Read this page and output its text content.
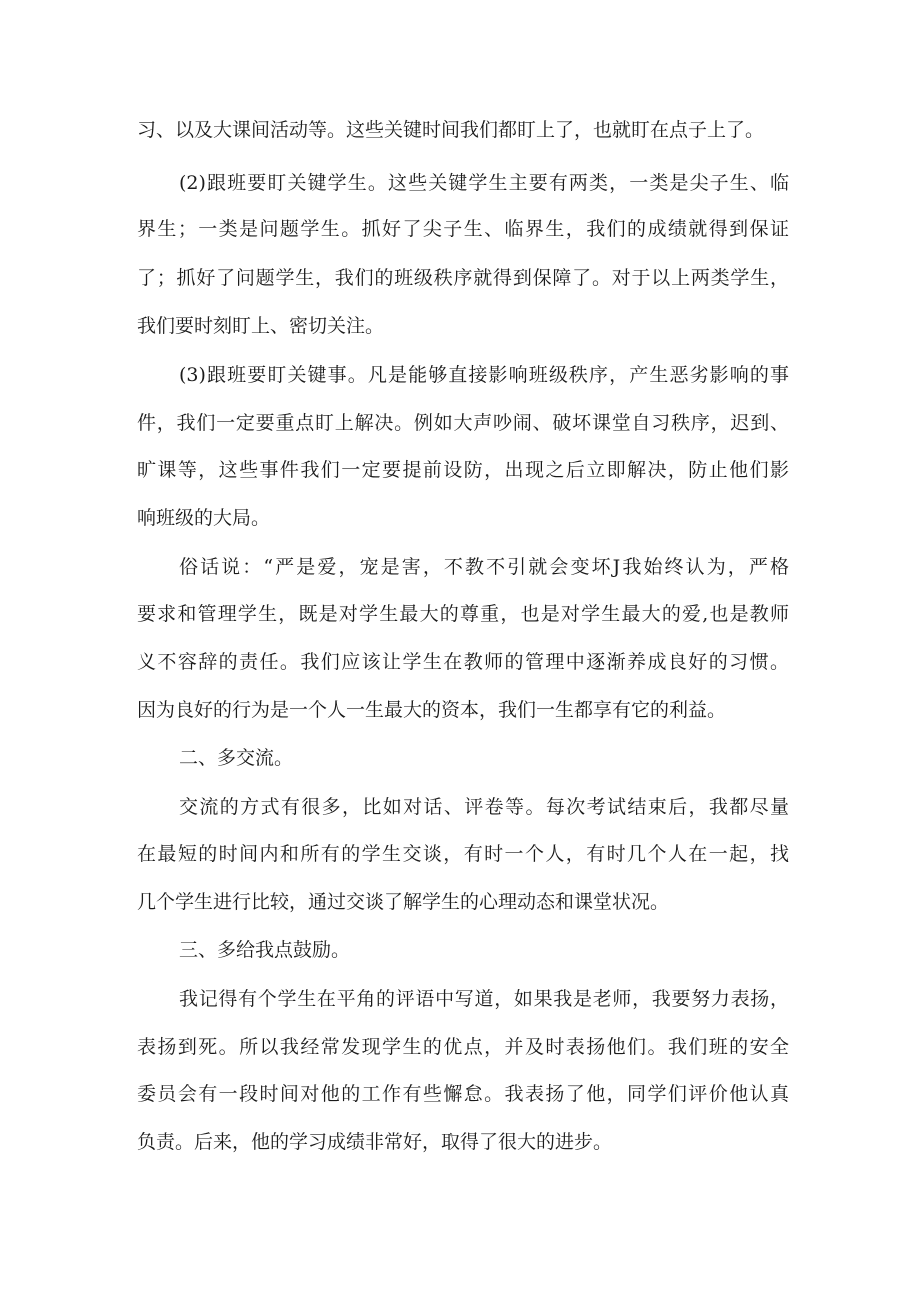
习、以及大课间活动等。这些关键时间我们都盯上了，也就盯在点子上了。
(2)跟班要盯关键学生。这些关键学生主要有两类，一类是尖子生、临
界生；一类是问题学生。抓好了尖子生、临界生，我们的成绩就得到保证
了；抓好了问题学生，我们的班级秩序就得到保障了。对于以上两类学生，
我们要时刻盯上、密切关注。
(3)跟班要盯关键事。凡是能够直接影响班级秩序，产生恶劣影响的事
件，我们一定要重点盯上解决。例如大声吵闹、破坏课堂自习秩序，迟到、
旷课等，这些事件我们一定要提前设防，出现之后立即解决，防止他们影
响班级的大局。
俗话说：“严是爱，宠是害，不教不引就会变坏J我始终认为，严格
要求和管理学生，既是对学生最大的尊重，也是对学生最大的爱,也是教师
义不容辞的责任。我们应该让学生在教师的管理中逐渐养成良好的习惯。
因为良好的行为是一个人一生最大的资本，我们一生都享有它的利益。
二、多交流。
交流的方式有很多，比如对话、评卷等。每次考试结束后，我都尽量
在最短的时间内和所有的学生交谈，有时一个人，有时几个人在一起，找
几个学生进行比较，通过交谈了解学生的心理动态和课堂状况。
三、多给我点鼓励。
我记得有个学生在平角的评语中写道，如果我是老师，我要努力表扬，
表扬到死。所以我经常发现学生的优点，并及时表扬他们。我们班的安全
委员会有一段时间对他的工作有些懈怠。我表扬了他，同学们评价他认真
负责。后来，他的学习成绩非常好，取得了很大的进步。
